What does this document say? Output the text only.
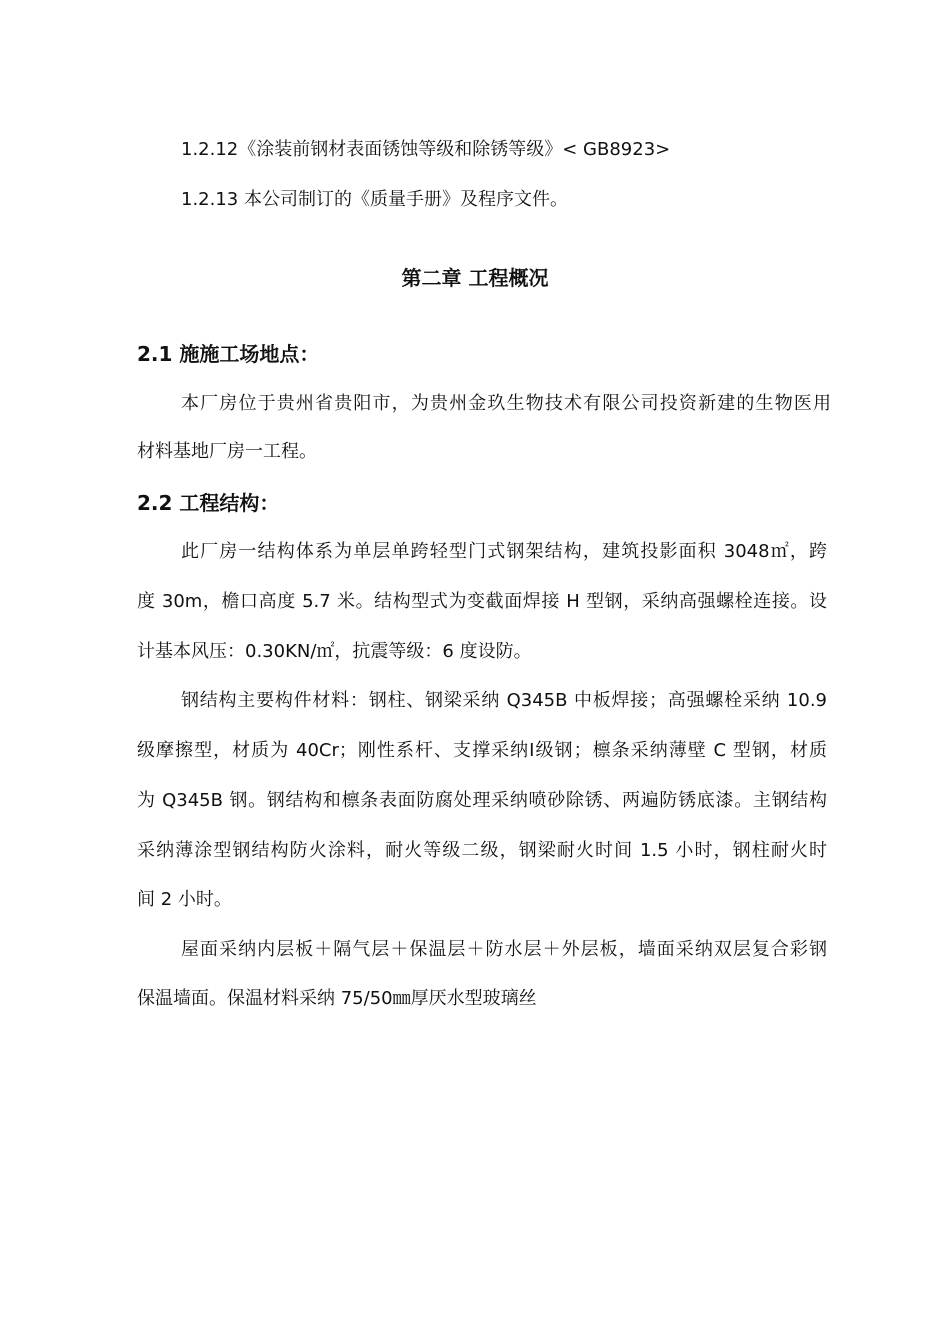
1.2.12《涂装前钢材表面锈蚀等级和除锈等级》< GB8923>
1.2.13 本公司制订的《质量手册》及程序文件。
第二章 工程概况
2.1 施施工场地点：
本厂房位于贵州省贵阳市，为贵州金玖生物技术有限公司投资新建的生物医用
材料基地厂房一工程。
2.2 工程结构：
此厂房一结构体系为单层单跨轻型门式钢架结构，建筑投影面积 3048㎡，跨
度 30m，檐口高度 5.7 米。结构型式为变截面焊接 H 型钢，采纳高强螺栓连接。设
计基本风压：0.30KN/㎡，抗震等级：6 度设防。
钢结构主要构件材料：钢柱、钢梁采纳 Q345B 中板焊接；高强螺栓采纳 10.9
级摩擦型，材质为 40Cr；刚性系杆、支撑采纳Ⅰ级钢；檩条采纳薄壁 C 型钢，材质
为 Q345B 钢。钢结构和檩条表面防腐处理采纳喷砂除锈、两遍防锈底漆。主钢结构
采纳薄涂型钢结构防火涂料，耐火等级二级，钢梁耐火时间 1.5 小时，钢柱耐火时
间 2 小时。
屋面采纳内层板＋隔气层＋保温层＋防水层＋外层板，墙面采纳双层复合彩钢
保温墙面。保温材料采纳 75/50㎜厚厌水型玻璃丝
